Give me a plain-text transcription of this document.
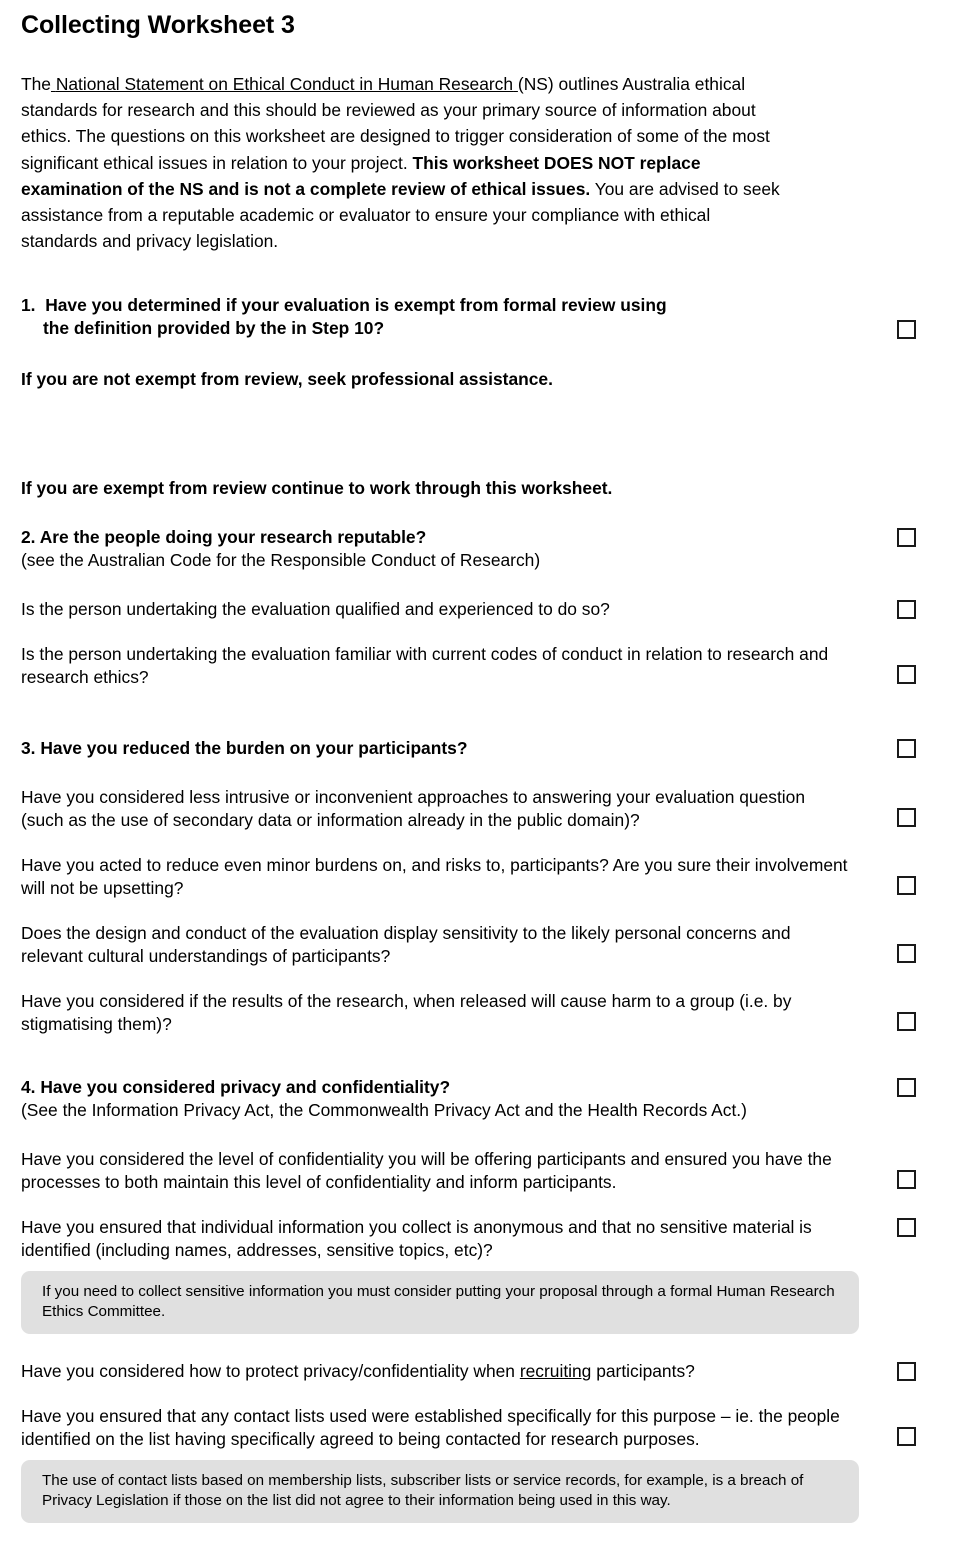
Collecting Worksheet 3

The National Statement on Ethical Conduct in Human Research (NS) outlines Australia ethical standards for research and this should be reviewed as your primary source of information about ethics. The questions on this worksheet are designed to trigger consideration of some of the most significant ethical issues in relation to your project. This worksheet DOES NOT replace examination of the NS and is not a complete review of ethical issues. You are advised to seek assistance from a reputable academic or evaluator to ensure your compliance with ethical standards and privacy legislation.

1. Have you determined if your evaluation is exempt from formal review using
the definition provided by the in Step 10?
If you are not exempt from review, seek professional assistance.
If you are exempt from review continue to work through this worksheet.
2. Are the people doing your research reputable?
(see the Australian Code for the Responsible Conduct of Research)
Is the person undertaking the evaluation qualified and experienced to do so?
Is the person undertaking the evaluation familiar with current codes of conduct in relation to research and research ethics?
3. Have you reduced the burden on your participants?
Have you considered less intrusive or inconvenient approaches to answering your evaluation question (such as the use of secondary data or information already in the public domain)?
Have you acted to reduce even minor burdens on, and risks to, participants? Are you sure their involvement will not be upsetting?
Does the design and conduct of the evaluation display sensitivity to the likely personal concerns and relevant cultural understandings of participants?
Have you considered if the results of the research, when released will cause harm to a group (i.e. by stigmatising them)?
4. Have you considered privacy and confidentiality?
(See the Information Privacy Act, the Commonwealth Privacy Act and the Health Records Act.)
Have you considered the level of confidentiality you will be offering participants and ensured you have the processes to both maintain this level of confidentiality and inform participants.
Have you ensured that individual information you collect is anonymous and that no sensitive material is identified (including names, addresses, sensitive topics, etc)?
If you need to collect sensitive information you must consider putting your proposal through a formal Human Research Ethics Committee.
Have you considered how to protect privacy/confidentiality when recruiting participants?
Have you ensured that any contact lists used were established specifically for this purpose – ie. the people identified on the list having specifically agreed to being contacted for research purposes.
The use of contact lists based on membership lists, subscriber lists or service records, for example, is a breach of Privacy Legislation if those on the list did not agree to their information being used in this way.
